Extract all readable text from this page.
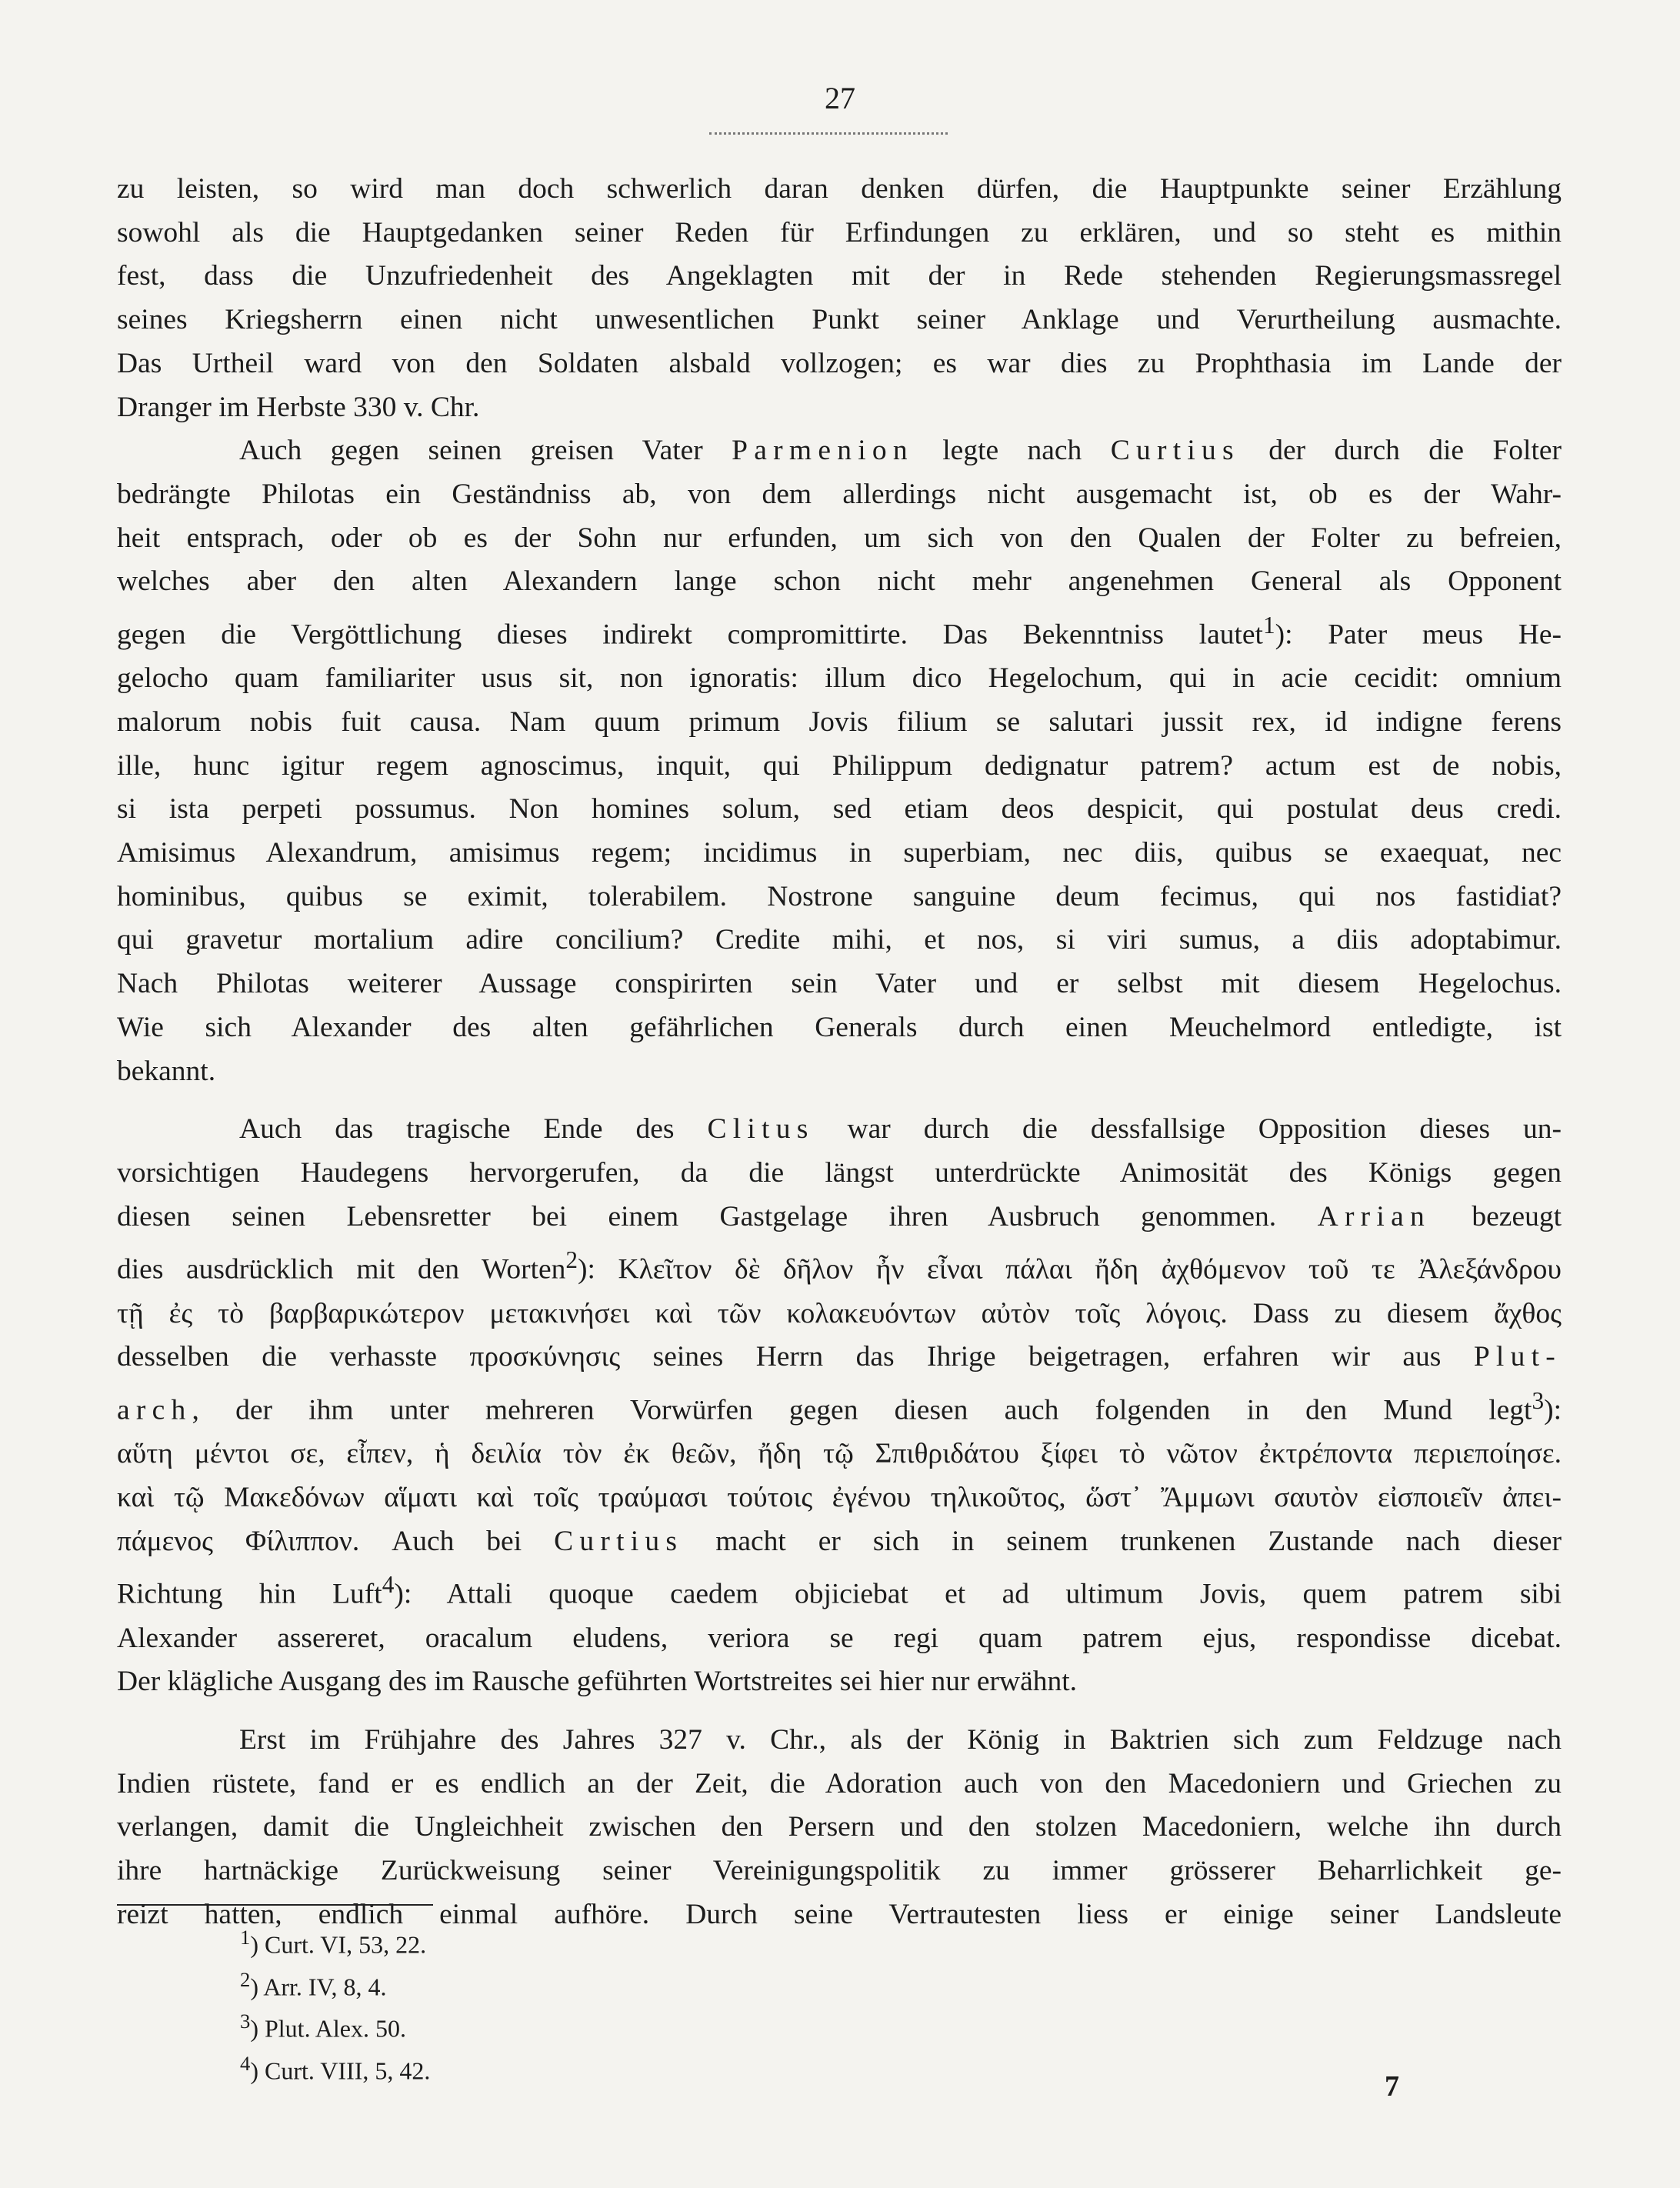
27

zu leisten, so wird man doch schwerlich daran denken dürfen, die Hauptpunkte seiner Erzählung

sowohl als die Hauptgedanken seiner Reden für Erfindungen zu erklären, und so steht es mithin

fest, dass die Unzufriedenheit des Angeklagten mit der in Rede stehenden Regierungsmassregel

seines Kriegsherrn einen nicht unwesentlichen Punkt seiner Anklage und Verurtheilung ausmachte.

Das Urtheil ward von den Soldaten alsbald vollzogen; es war dies zu Prophthasia im Lande der

Dranger im Herbste 330 v. Chr.

Auch gegen seinen greisen Vater Parmenion legte nach Curtius der durch die Folter

bedrängte Philotas ein Geständniss ab, von dem allerdings nicht ausgemacht ist, ob es der Wahr-

heit entsprach, oder ob es der Sohn nur erfunden, um sich von den Qualen der Folter zu befreien,

welches aber den alten Alexandern lange schon nicht mehr angenehmen General als Opponent

gegen die Vergöttlichung dieses indirekt compromittirte. Das Bekenntniss lautet$^1$): Pater meus He-

gelocho quam familiariter usus sit, non ignoratis: illum dico Hegelochum, qui in acie cecidit: omnium

malorum nobis fuit causa. Nam quum primum Jovis filium se salutari jussit rex, id indigne ferens

ille, hunc igitur regem agnoscimus, inquit, qui Philippum dedignatur patrem? actum est de nobis,

si ista perpeti possumus. Non homines solum, sed etiam deos despicit, qui postulat deus credi.

Amisimus Alexandrum, amisimus regem; incidimus in superbiam, nec diis, quibus se exaequat, nec

hominibus, quibus se eximit, tolerabilem. Nostrone sanguine deum fecimus, qui nos fastidiat?

qui gravetur mortalium adire concilium? Credite mihi, et nos, si viri sumus, a diis adoptabimur.

Nach Philotas weiterer Aussage conspirirten sein Vater und er selbst mit diesem Hegelochus.

Wie sich Alexander des alten gefährlichen Generals durch einen Meuchelmord entledigte, ist

bekannt.

Auch das tragische Ende des Clitus war durch die dessfallsige Opposition dieses un-

vorsichtigen Haudegens hervorgerufen, da die längst unterdrückte Animosität des Königs gegen

diesen seinen Lebensretter bei einem Gastgelage ihren Ausbruch genommen. Arrian bezeugt

dies ausdrücklich mit den Worten$^2$): Κλεῖτον δὲ δῆλον ἦν εἶναι πάλαι ἤδη ἀχθόμενον τοῦ τε Ἀλεξάνδρου

τῇ ἐς τὸ βαρβαρικώτερον μετακινήσει καὶ τῶν κολακευόντων αὐτὸν τοῖς λόγοις. Dass zu diesem ἄχθος

desselben die verhasste προσκύνησις seines Herrn das Ihrige beigetragen, erfahren wir aus Plut-

arch, der ihm unter mehreren Vorwürfen gegen diesen auch folgenden in den Mund legt$^3$):

αὕτη μέντοι σε, εἶπεν, ἡ δειλία τὸν ἐκ θεῶν, ἤδη τῷ Σπιθριδάτου ξίφει τὸ νῶτον ἐκτρέποντα περιεποίησε.

καὶ τῷ Μακεδόνων αἵματι καὶ τοῖς τραύμασι τούτοις ἐγένου τηλικοῦτος, ὥστ᾽ Ἄμμωνι σαυτὸν εἰσποιεῖν ἀπει-

πάμενος Φίλιππον. Auch bei Curtius macht er sich in seinem trunkenen Zustande nach dieser

Richtung hin Luft$^4$): Attali quoque caedem objiciebat et ad ultimum Jovis, quem patrem sibi

Alexander assereret, oracalum eludens, veriora se regi quam patrem ejus, respondisse dicebat.

Der klägliche Ausgang des im Rausche geführten Wortstreites sei hier nur erwähnt.

Erst im Frühjahre des Jahres 327 v. Chr., als der König in Baktrien sich zum Feldzuge nach

Indien rüstete, fand er es endlich an der Zeit, die Adoration auch von den Macedoniern und Griechen zu

verlangen, damit die Ungleichheit zwischen den Persern und den stolzen Macedoniern, welche ihn durch

ihre hartnäckige Zurückweisung seiner Vereinigungspolitik zu immer grösserer Beharrlichkeit ge-

reizt hatten, endlich einmal aufhöre. Durch seine Vertrautesten liess er einige seiner Landsleute

$^1$) Curt. VI, 53, 22.
$^2$) Arr. IV, 8, 4.
$^3$) Plut. Alex. 50.
$^4$) Curt. VIII, 5, 42.	7
